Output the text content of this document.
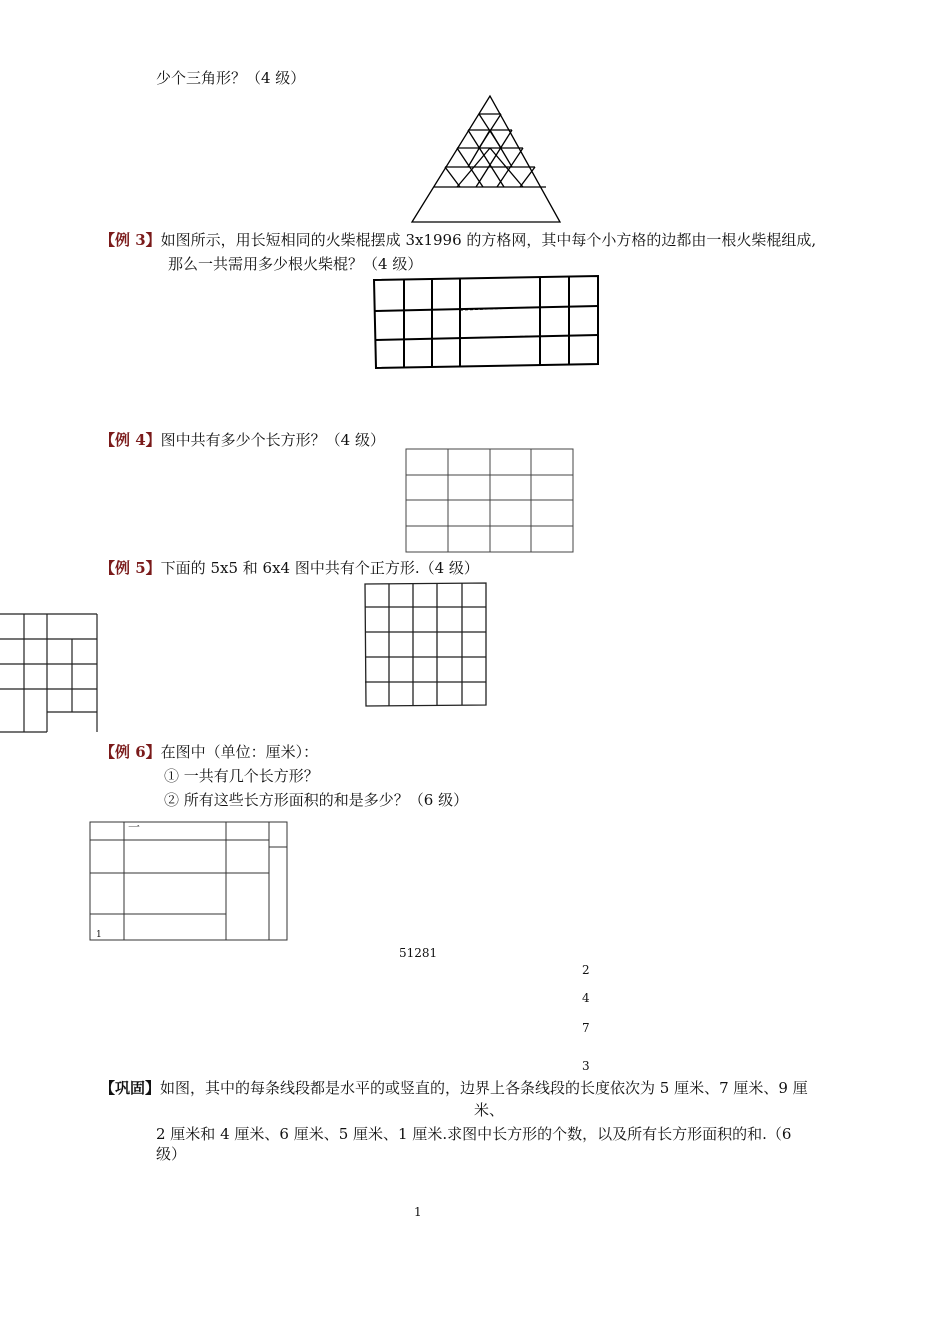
少个三角形？（4 级）
【例 3】如图所示，用长短相同的火柴棍摆成 3x1996 的方格网，其中每个小方格的边都由一根火柴棍组成,
那么一共需用多少根火柴棍？（4 级）
【例 4】图中共有多少个长方形？（4 级）
【例 5】下面的 5x5 和 6x4 图中共有个正方形.（4 级）
【例 6】在图中（单位：厘米）：
① 一共有几个长方形？
② 所有这些长方形面积的和是多少？（6 级）
一
1
51281
2
4
7
3
【巩固】如图，其中的每条线段都是水平的或竖直的，边界上各条线段的长度依次为 5 厘米、7 厘米、9 厘
米、
2 厘米和 4 厘米、6 厘米、5 厘米、1 厘米.求图中长方形的个数，以及所有长方形面积的和.（6
级）
1
